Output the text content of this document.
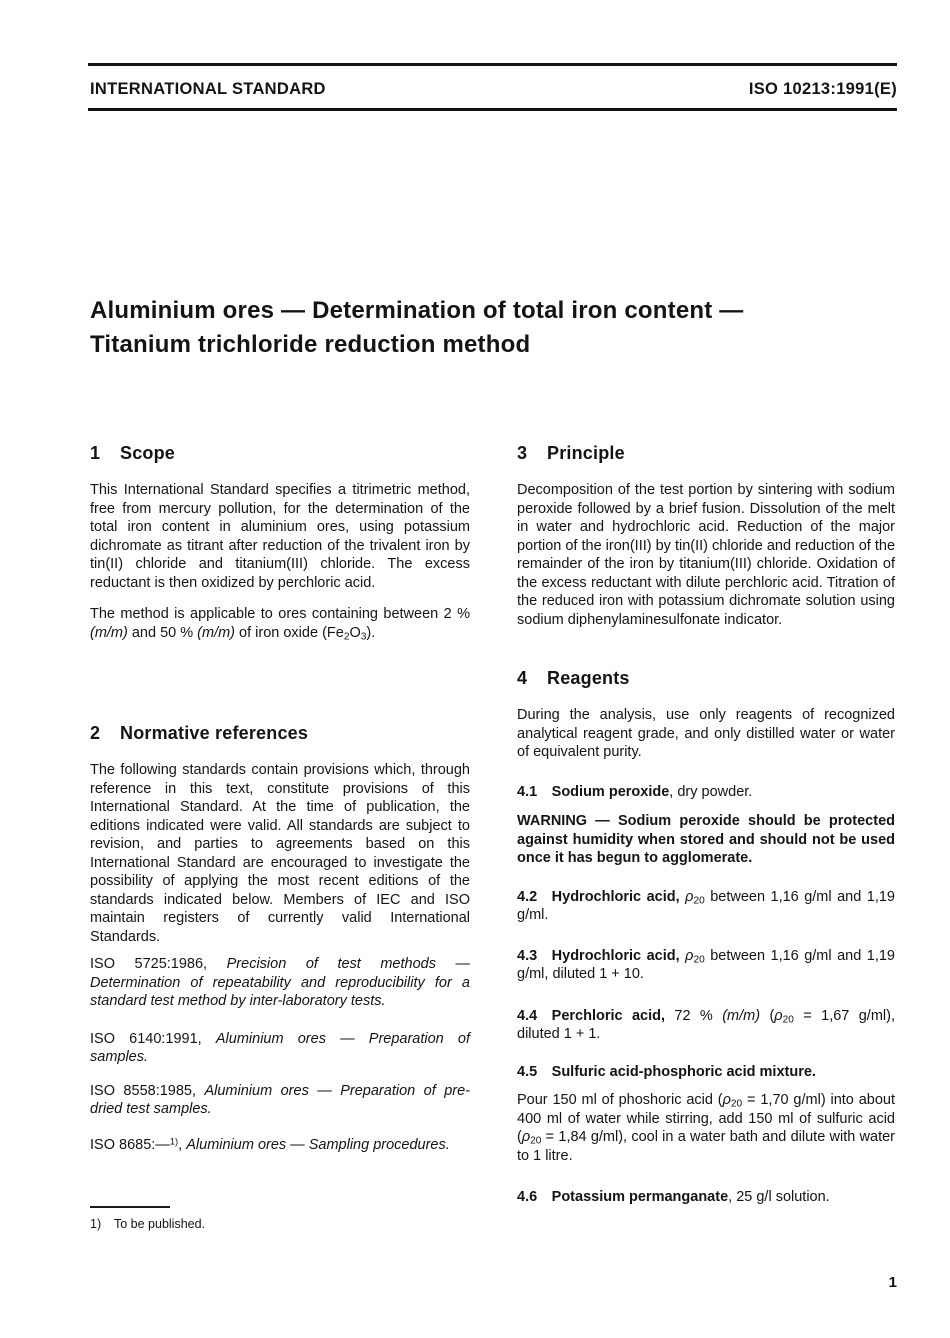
INTERNATIONAL STANDARD	ISO 10213:1991(E)
Aluminium ores — Determination of total iron content —
Titanium trichloride reduction method
1	Scope

This International Standard specifies a titrimetric method, free from mercury pollution, for the determination of the total iron content in aluminium ores, using potassium dichromate as titrant after reduction of the trivalent iron by tin(II) chloride and titanium(III) chloride. The excess reductant is then oxidized by perchloric acid.

The method is applicable to ores containing between 2 % (m/m) and 50 % (m/m) of iron oxide $(Fe_2O_3)$.

2	Normative references

The following standards contain provisions which, through reference in this text, constitute provisions of this International Standard. At the time of publication, the editions indicated were valid. All standards are subject to revision, and parties to agreements based on this International Standard are encouraged to investigate the possibility of applying the most recent editions of the standards indicated below. Members of IEC and ISO maintain registers of currently valid International Standards.

ISO 5725:1986, Precision of test methods — Determination of repeatability and reproducibility for a standard test method by inter-laboratory tests.

ISO 6140:1991, Aluminium ores — Preparation of samples.

ISO 8558:1985, Aluminium ores — Preparation of pre-dried test samples.

ISO 8685:—$^{1)}$, Aluminium ores — Sampling procedures.

3	Principle

Decomposition of the test portion by sintering with sodium peroxide followed by a brief fusion. Dissolution of the melt in water and hydrochloric acid. Reduction of the major portion of the iron(III) by tin(II) chloride and reduction of the remainder of the iron by titanium(III) chloride. Oxidation of the excess reductant with dilute perchloric acid. Titration of the reduced iron with potassium dichromate solution using sodium diphenylaminesulfonate indicator.

4	Reagents

During the analysis, use only reagents of recognized analytical reagent grade, and only distilled water or water of equivalent purity.

4.1 Sodium peroxide, dry powder.

WARNING — Sodium peroxide should be protected against humidity when stored and should not be used once it has begun to agglomerate.

4.2 Hydrochloric acid, $\rho_{20}$ between 1,16 g/ml and 1,19 g/ml.

4.3 Hydrochloric acid, $\rho_{20}$ between 1,16 g/ml and 1,19 g/ml, diluted 1 + 10.

4.4 Perchloric acid, 72 % (m/m) ($\rho_{20} = 1,67$ g/ml), diluted 1 + 1.

4.5 Sulfuric acid-phosphoric acid mixture.

Pour 150 ml of phoshoric acid ($\rho_{20} = 1,70$ g/ml) into about 400 ml of water while stirring, add 150 ml of sulfuric acid ($\rho_{20} = 1,84$ g/ml), cool in a water bath and dilute with water to 1 litre.

4.6 Potassium permanganate, 25 g/l solution.

1) To be published.
1
